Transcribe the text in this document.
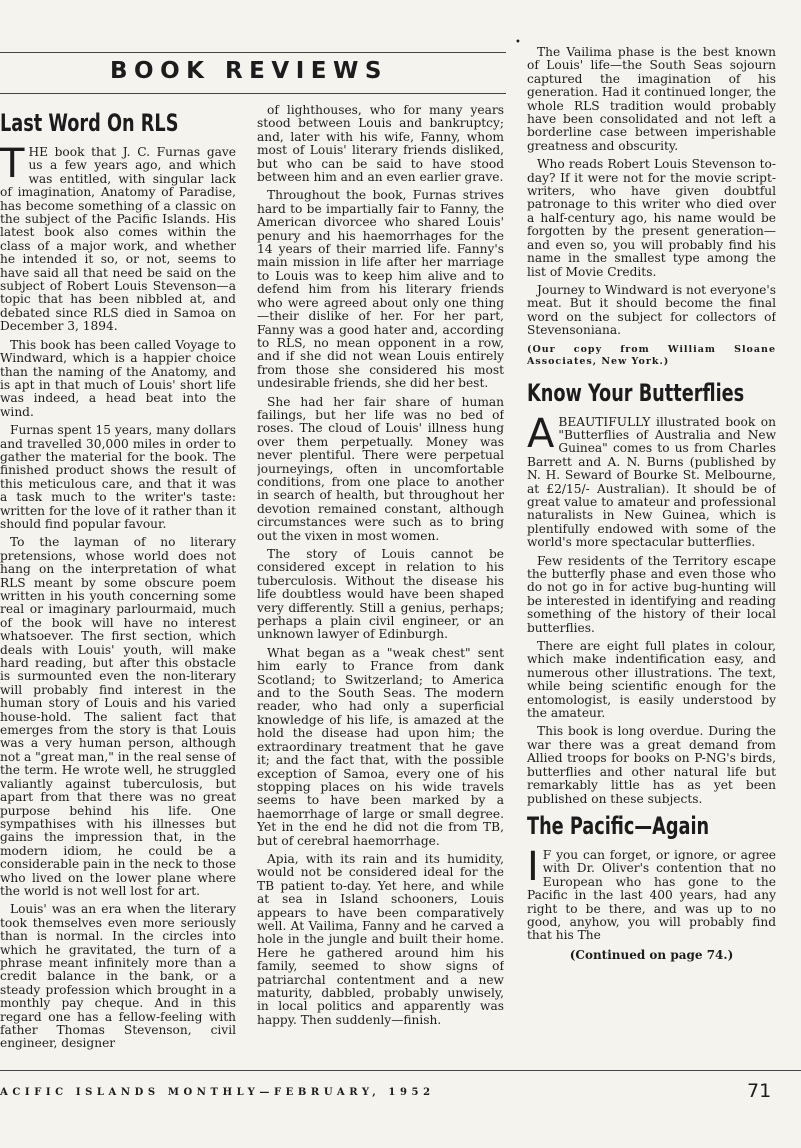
•
BOOK REVIEWS
Last Word On RLS

THE book that J. C. Furnas gave us a few years ago, and which was entitled, with singular lack of imagination, Anatomy of Paradise, has become something of a classic on the subject of the Pacific Islands. His latest book also comes within the class of a major work, and whether he intended it so, or not, seems to have said all that need be said on the subject of Robert Louis Stevenson—a topic that has been nibbled at, and debated since RLS died in Samoa on December 3, 1894.

This book has been called Voyage to Windward, which is a happier choice than the naming of the Anatomy, and is apt in that much of Louis' short life was indeed, a head beat into the wind.

Furnas spent 15 years, many dollars and travelled 30,000 miles in order to gather the material for the book. The finished product shows the result of this meticulous care, and that it was a task much to the writer's taste: written for the love of it rather than it should find popular favour.

To the layman of no literary pretensions, whose world does not hang on the interpretation of what RLS meant by some obscure poem written in his youth concerning some real or imaginary parlourmaid, much of the book will have no interest whatsoever. The first section, which deals with Louis' youth, will make hard reading, but after this obstacle is surmounted even the non-literary will probably find interest in the human story of Louis and his varied house-hold. The salient fact that emerges from the story is that Louis was a very human person, although not a "great man," in the real sense of the term. He wrote well, he struggled valiantly against tuberculosis, but apart from that there was no great purpose behind his life. One sympathises with his illnesses but gains the impression that, in the modern idiom, he could be a considerable pain in the neck to those who lived on the lower plane where the world is not well lost for art.

Louis' was an era when the literary took themselves even more seriously than is normal. In the circles into which he gravitated, the turn of a phrase meant infinitely more than a credit balance in the bank, or a steady profession which brought in a monthly pay cheque. And in this regard one has a fellow-feeling with father Thomas Stevenson, civil engineer, designer

of lighthouses, who for many years stood between Louis and bankruptcy; and, later with his wife, Fanny, whom most of Louis' literary friends disliked, but who can be said to have stood between him and an even earlier grave.

Throughout the book, Furnas strives hard to be impartially fair to Fanny, the American divorcee who shared Louis' penury and his haemorrhages for the 14 years of their married life. Fanny's main mission in life after her marriage to Louis was to keep him alive and to defend him from his literary friends who were agreed about only one thing—their dislike of her. For her part, Fanny was a good hater and, according to RLS, no mean opponent in a row, and if she did not wean Louis entirely from those she considered his most undesirable friends, she did her best.

She had her fair share of human failings, but her life was no bed of roses. The cloud of Louis' illness hung over them perpetually. Money was never plentiful. There were perpetual journeyings, often in uncomfortable conditions, from one place to another in search of health, but throughout her devotion remained constant, although circumstances were such as to bring out the vixen in most women.

The story of Louis cannot be considered except in relation to his tuberculosis. Without the disease his life doubtless would have been shaped very differently. Still a genius, perhaps; perhaps a plain civil engineer, or an unknown lawyer of Edinburgh.

What began as a "weak chest" sent him early to France from dank Scotland; to Switzerland; to America and to the South Seas. The modern reader, who had only a superficial knowledge of his life, is amazed at the hold the disease had upon him; the extraordinary treatment that he gave it; and the fact that, with the possible exception of Samoa, every one of his stopping places on his wide travels seems to have been marked by a haemorrhage of large or small degree. Yet in the end he did not die from TB, but of cerebral haemorrhage.

Apia, with its rain and its humidity, would not be considered ideal for the TB patient to-day. Yet here, and while at sea in Island schooners, Louis appears to have been comparatively well. At Vailima, Fanny and he carved a hole in the jungle and built their home. Here he gathered around him his family, seemed to show signs of patriarchal contentment and a new maturity, dabbled, probably unwisely, in local politics and apparently was happy. Then suddenly—finish.

The Vailima phase is the best known of Louis' life—the South Seas sojourn captured the imagination of his generation. Had it continued longer, the whole RLS tradition would probably have been consolidated and not left a borderline case between imperishable greatness and obscurity.

Who reads Robert Louis Stevenson to-day? If it were not for the movie script-writers, who have given doubtful patronage to this writer who died over a half-century ago, his name would be forgotten by the present generation—and even so, you will probably find his name in the smallest type among the list of Movie Credits.

Journey to Windward is not everyone's meat. But it should become the final word on the subject for collectors of Stevensoniana.

(Our copy from William Sloane Associates, New York.)
Know Your Butterflies

ABEAUTIFULLY illustrated book on "Butterflies of Australia and New Guinea" comes to us from Charles Barrett and A. N. Burns (published by N. H. Seward of Bourke St. Melbourne, at £2/15/- Australian). It should be of great value to amateur and professional naturalists in New Guinea, which is plentifully endowed with some of the world's more spectacular butterflies.

Few residents of the Territory escape the butterfly phase and even those who do not go in for active bug-hunting will be interested in identifying and reading something of the history of their local butterflies.

There are eight full plates in colour, which make indentification easy, and numerous other illustrations. The text, while being scientific enough for the entomologist, is easily understood by the amateur.

This book is long overdue. During the war there was a great demand from Allied troops for books on P-NG's birds, butterflies and other natural life but remarkably little has as yet been published on these subjects.

The Pacific—Again

I F you can forget, or ignore, or agree with Dr. Oliver's contention that no European who has gone to the Pacific in the last 400 years, had any right to be there, and was up to no good, anyhow, you will probably find that his The

(Continued on page 74.)
ACIFIC ISLANDS MONTHLY—FEBRUARY, 1952	71
